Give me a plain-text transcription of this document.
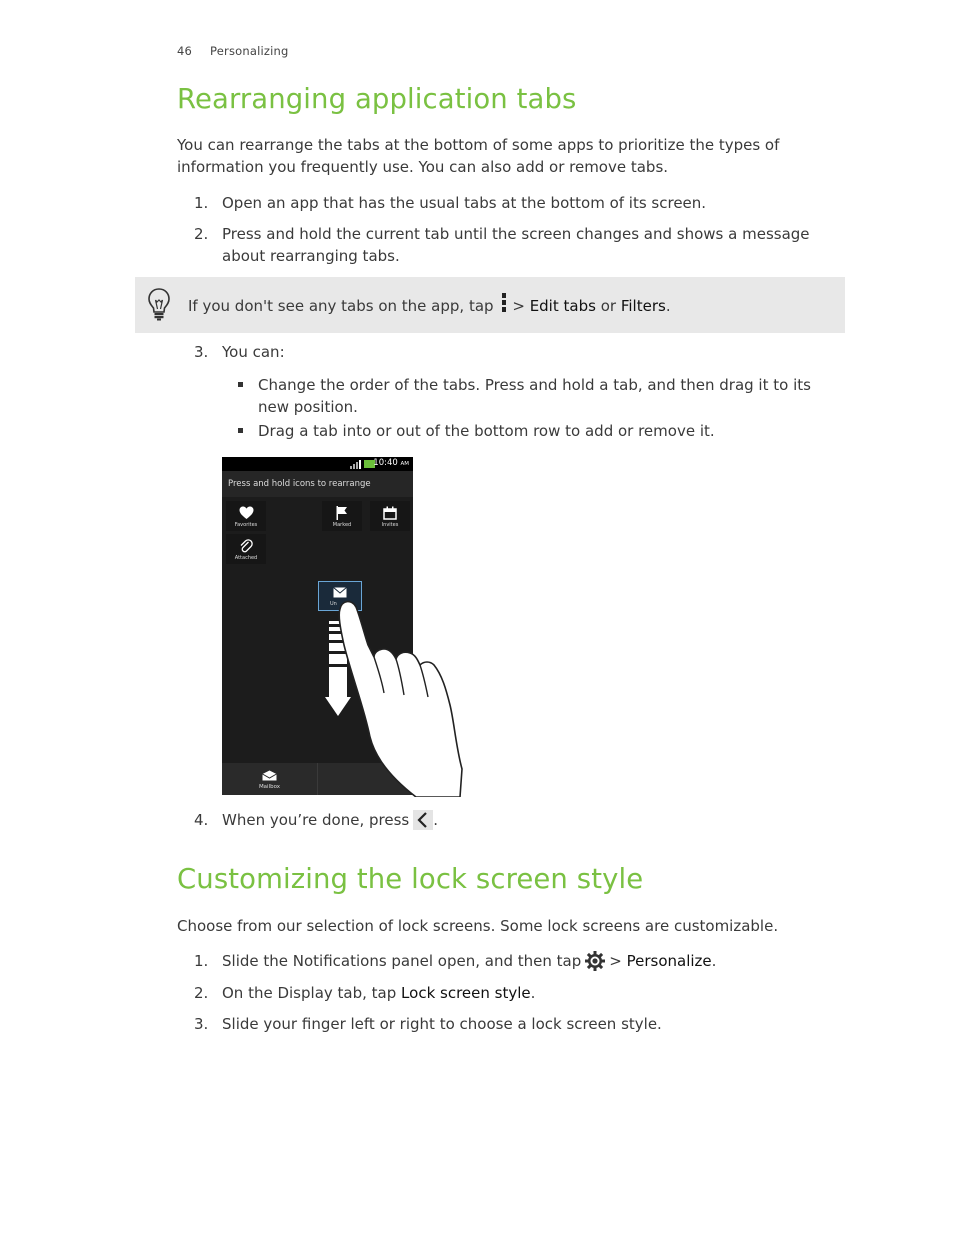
46 Personalizing
Rearranging application tabs

You can rearrange the tabs at the bottom of some apps to prioritize the types of information you frequently use. You can also add or remove tabs.

1. Open an app that has the usual tabs at the bottom of its screen.
2. Press and hold the current tab until the screen changes and shows a message about rearranging tabs.
If you don't see any tabs on the app, tap > Edit tabs or Filters.
3. You can:
Change the order of the tabs. Press and hold a tab, and then drag it to its new position.
Drag a tab into or out of the bottom row to add or remove it.
10:40 AM
Press and hold icons to rearrange
Favorites	Marked	Invites
Attached
Un
Mailbox
4. When you’re done, press .
Customizing the lock screen style

Choose from our selection of lock screens. Some lock screens are customizable.

1. Slide the Notifications panel open, and then tap > Personalize.
2. On the Display tab, tap Lock screen style.
3. Slide your finger left or right to choose a lock screen style.
